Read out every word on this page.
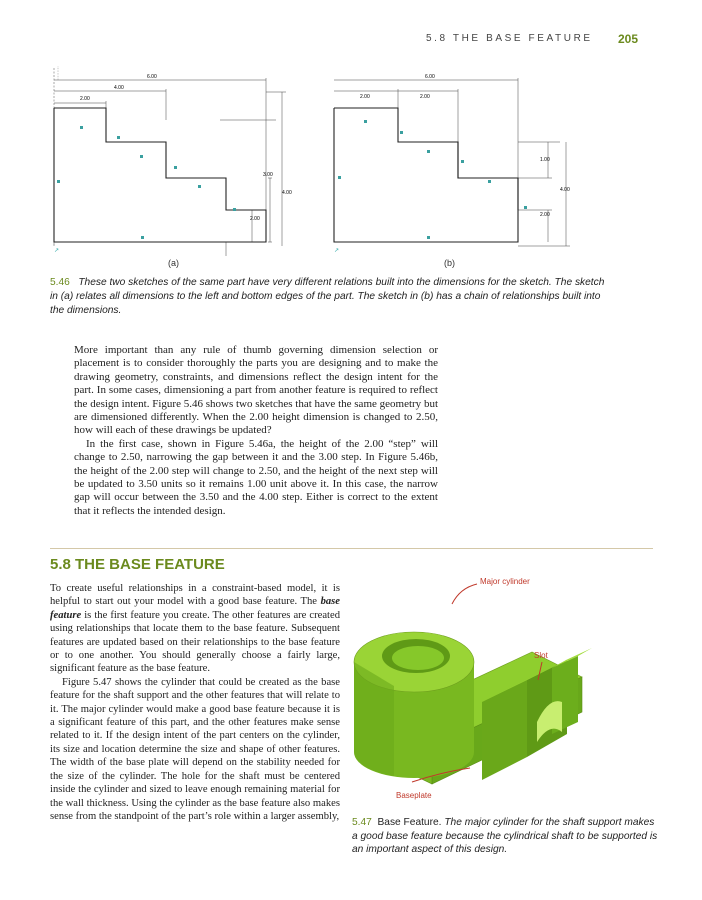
5.8 THE BASE FEATURE 205
↗
6.00
4.00
2.00
3.00
4.00
2.00
↗
6.00
2.00	2.00
1.00
4.00
2.00
(a)	(b)
5.46 These two sketches of the same part have very different relations built into the dimensions for the sketch. The sketch in (a) relates all dimensions to the left and bottom edges of the part. The sketch in (b) has a chain of relationships built into the dimensions.

More important than any rule of thumb governing dimension selection or placement is to consider thoroughly the parts you are designing and to make the drawing geometry, constraints, and dimensions reflect the design intent for the part. In some cases, dimensioning a part from another feature is required to reflect the design intent. Figure 5.46 shows two sketches that have the same geometry but are dimensioned differently. When the 2.00 height dimension is changed to 2.50, how will each of these drawings be updated?

In the first case, shown in Figure 5.46a, the height of the 2.00 “step” will change to 2.50, narrowing the gap between it and the 3.00 step. In Figure 5.46b, the height of the 2.00 step will change to 2.50, and the height of the next step will be updated to 3.50 units so it remains 1.00 unit above it. In this case, the narrow gap will occur between the 3.50 and the 4.00 step. Either is correct to the extent that it reflects the intended design.

5.8 THE BASE FEATURE

To create useful relationships in a constraint-based model, it is helpful to start out your model with a good base feature. The base feature is the first feature you create. The other features are created using relationships that locate them to the base feature. Subsequent features are updated based on their relationships to the base feature or to one another. You should generally choose a fairly large, significant feature as the base feature.

Figure 5.47 shows the cylinder that could be created as the base feature for the shaft support and the other features that will relate to it. The major cylinder would make a good base feature because it is a significant feature of this part, and the other features make sense related to it. If the design intent of the part centers on the cylinder, its size and location determine the size and shape of other features. The width of the base plate will depend on the stability needed for the size of the cylinder. The hole for the shaft must be centered inside the cylinder and sized to leave enough remaining material for the wall thickness. Using the cylinder as the base feature also makes sense from the standpoint of the part’s role within a larger assembly,

Major cylinder
Slot
Baseplate
5.47 Base Feature. The major cylinder for the shaft support makes a good base feature because the cylindrical shaft to be supported is an important aspect of this design.
